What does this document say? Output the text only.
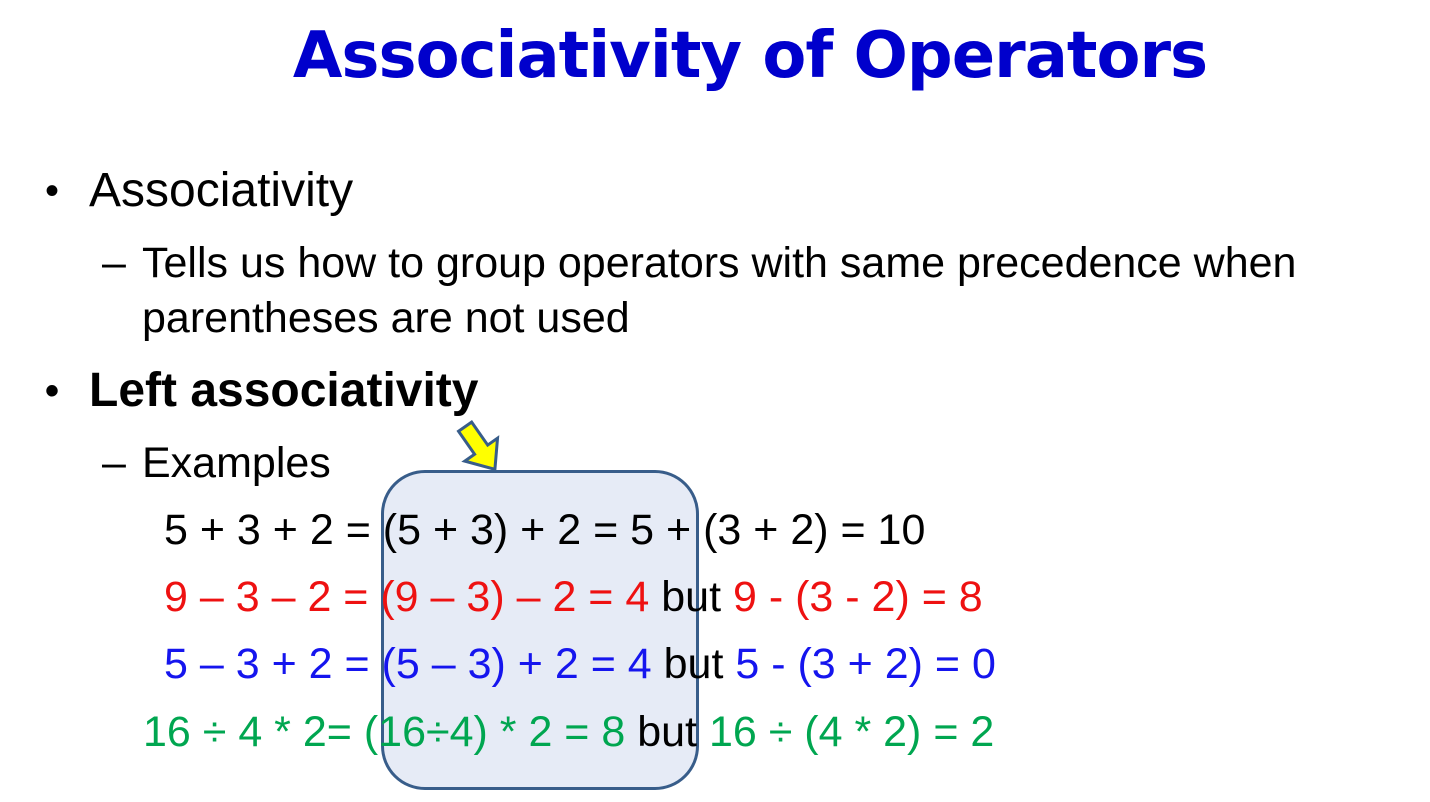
Associativity of Operators
• Associativity
– Tells us how to group operators with same precedence when
parentheses are not used
• Left associativity
– Examples
5 + 3 + 2 = (5 + 3) + 2 = 5 + (3 + 2) = 10
9 – 3 – 2 = (9 – 3) – 2 = 4 but 9 - (3 - 2) = 8
5 – 3 + 2 = (5 – 3) + 2 = 4 but 5 - (3 + 2) = 0
16 ÷ 4 * 2= (16÷4) * 2 = 8 but 16 ÷ (4 * 2) = 2
